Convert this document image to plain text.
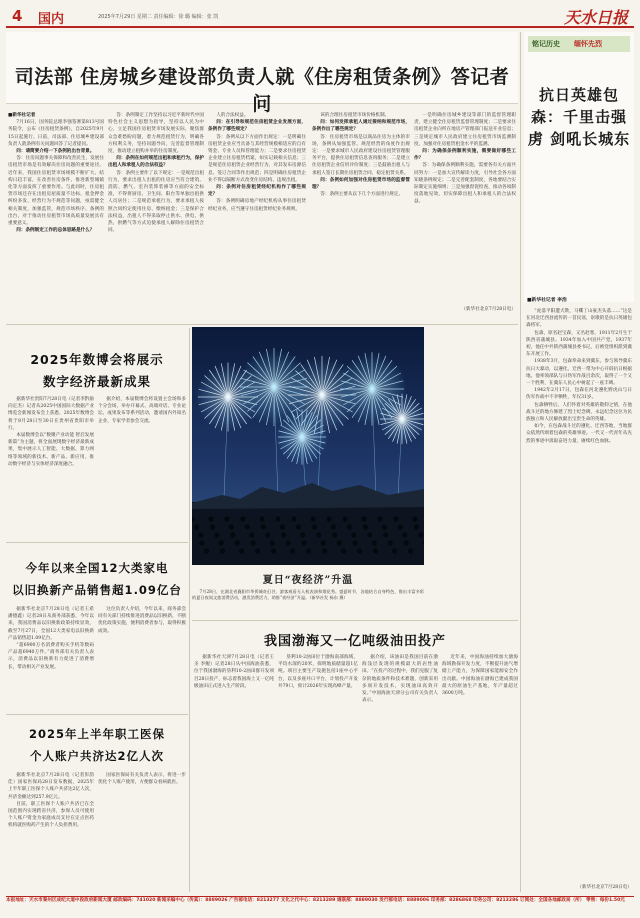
4 国内	2025年7月29日 星期二 责任编辑：徐 璐 编辑：张 凯	天水日报
司法部 住房城乡建设部负责人就《住房租赁条例》答记者问

■新华社记者

7月16日，国务院总理李强签署第813号国务院令，公布《住房租赁条例》，自2025年9月15日起施行。日前，司法部、住房城乡建设部负责人就条例有关问题回答了记者提问。

问：请简要介绍一下条例的出台背景。

答：住房问题事关保障和改善民生，发展住房租赁市场是有效解决住房问题的重要途径。近年来，我国住房租赁市场规模不断扩大、结构日趋丰富，在改善住房条件、推进新型城镇化等方面发挥了重要作用。与此同时，住房租赁市场还存在出租房屋质量不达标、租金押金纠纷多发、经营行为不规范等问题，亟需健全相关制度，加强监管，规范市场秩序。条例的出台，对于推动住房租赁市场高质量发展具有重要意义。

问：条例制定工作的总体思路是什么？

答：条例制定工作坚持以习近平新时代中国特色社会主义思想为指导，坚持以人民为中心，立足我国住房租赁市场发展实际，聚焦群众急难愁盼问题，着力规范租赁行为，明确各方权利义务，坚持问题导向，完善监督管理制度，推动建立租购并举的住房制度。

问：条例在如何规范出租和承租行为，保护出租人和承租人的合法权益？

答：条例主要作了以下规定：一是规范出租行为，要求出租人出租的住房应当符合建筑、消防、燃气、室内装饰装修等方面的安全标准，不得将厨房、卫生间、阳台等单独出租供人员居住；二是规范承租行为，要求承租人按照合同约定使用住房、缴纳租金；三是保护合法权益，出租人不得采取停止供水、供电、供热、供燃气等方式迫使承租人解除住房租赁合同。

人的合法权益。

问：在引导和规范住房租赁企业发展方面，条例作了哪些规定？

答：条例从以下方面作出规定：一是明确住房租赁企业应当具备与其经营规模相适应的自有资金、专业人员和管理能力；二是要求住房租赁企业建立住房租赁档案，如实记载相关信息；三是规范住房租赁企业经营行为，对其发布房源信息、签订合同等作出规范；四是明确住房租赁企业不得以隔断方式改变住房结构、违规出租。

问：条例对住房租赁经纪机构作了哪些规定？

答：条例明确房地产经纪机构从事住房租赁经纪业务，应当遵守住房租赁经纪业务规则。

该的合理住房租赁市场价格机制。

问：如何发挥承租人通过接纳和规范市场，条例作出了哪些规定？

答：住房租赁市场是以商品住房为主体的市场，条例从加强监管、规范经营的角度作出规定：一是要求城市人民政府建设住房租赁管理服务平台，提供住房租赁信息查询服务；二是建立住房租赁企业信用评价制度；三是鼓励出租人与承租人签订长期住房租赁合同，稳定租赁关系。

问：条例如何加强对住房租赁市场的监督管理？

答：条例主要从以下几个方面进行规定。

一是明确住房城乡建设等部门的监督管理职责，建立健全住房租赁监督管理制度；二是要求住房租赁企业向所在地房产管理部门报送开业信息；三是规定城市人民政府建立住房租赁市场监测制度，加强对住房租赁租金水平的监测。

问：为确保条例顺利实施，需要做好哪些工作？

答：为确保条例顺利实施，需要各有关方面共同努力：一是加大宣传解读力度，引导社会各方面知晓条例规定；二是完善配套制度，各地要结合实际制定实施细则；三是加强督促检查，推动各项制度落地见效，切实保障出租人和承租人的合法权益。

（新华社北京7月28日电）
2025年数博会将展示
数字经济最新成果

据新华社贵阳7月28日电（记者李黔渝 向定杰）记者从2025中国国际大数据产业博览会新闻发布会上获悉，2025年数博会将于8月28日至30日在贵州省贵阳市举行。

本届数博会以“数聚产业动能 智启发展新篇”为主题，将全面展现数字经济最新成果，集中展示人工智能、大数据、算力网络等领域的新技术、新产品、新应用，推动数字经济与实体经济深度融合。

据介绍，本届数博会将设置主会场和多个分会场，举办开幕式、高端对话、专业论坛、成果发布等系列活动，邀请国内外知名企业、专家学者参会交流。

今年以来全国12大类家电
以旧换新产品销售超1.09亿台

据新华社北京7月28日电（记者王希 潘德鑫）记者28日从商务部获悉，今年以来，我国消费品以旧换新政策持续显效，截至7月27日，全国12大类家电以旧换新产品销售超1.09亿台。

“超6900万名消费者购买手机等数码产品超6940万件。”商务部有关负责人表示，消费品以旧换新有力促进了消费增长，带动相关产业发展。

这位负责人介绍，今年以来，商务部会同有关部门持续推进消费品以旧换新，不断优化政策实施，便利消费者参与，取得积极成效。

2025年上半年职工医保
个人账户共济达2亿人次

据新华社北京7月28日电（记者彭韵佳）国家医保局28日发布数据，2025年上半年职工医保个人账户共济达2亿人次，共济金额达到257.9亿元。

目前，职工医保个人账户共济已在全国范围内实现跨省共济，参保人员可使用个人账户资金为家庭成员支付在定点医药机构就医购药产生的个人负担费用。

国家医保局有关负责人表示，将进一步优化个人账户使用，方便群众看病就医。

夏日“夜经济”升温
7月28日，在湖北省襄阳市华侨城奇幻谷，游客观看无人机表演和烟花秀。盛夏时节，各地结合自身特色，推出丰富多彩的夏日夜间文旅消费活动，激发消费活力，助推“夜经济”升温。（新华社发 杨东 摄）
我国渤海又一亿吨级油田投产

据新华社天津7月28日电（记者王圣 李鲲）记者28日从中国海油获悉，位于我国渤海的垦利10-2油田群开发项目28日投产，标志着我国海上又一亿吨级油田正式进入生产阶段。

垦利10-2油田位于渤海南部海域，平均水深约20米，探明地质储量超1亿吨。项目主要生产设施包括1座中心平台，以及多座井口平台，计划投产开发井79口，预计2026年实现高峰产量。

据介绍，该油田是我国目前在渤海浅层发现的规模最大的岩性油田。“在投产的过程中，我们克服了复杂的地质条件和技术难题，创新采用多项开发技术，实现油田高效开发。”中国海油天津分公司有关负责人表示。

近年来，中国海油持续加大渤海海域勘探开发力度，不断提升油气增储上产能力，为保障国家能源安全作出贡献。中国海油在渤海已建成我国最大的原油生产基地，年产量超过3600万吨。

铭记历史 缅怀先烈
抗日英雄包森：千里击强虏 剑吼长城东
■新华社记者 李浩

“虎落平阳遭犬欺，马嘶丁山豪杰头落……”这是在河北迁西县流传的一首民谣，讴歌的是抗日英雄包森将军。

包森，原名赵宝森，又名赵寒，1911年2月生于陕西省蒲城县。1934年加入中国共产党。1937年初，他任中共陕西蒲城县委书记，后被党组织派到冀东开展工作。

1938年3月，包森奉命来到冀东，参与领导冀东抗日大暴动，以遵化、迁西一带为中心开辟抗日根据地。他率领部队与日伪军作战百余次，取得了一个又一个胜利，在冀东人民心中树起了一座丰碑。

1942年2月17日，包森在河北遵化野虎山与日伪军作战中不幸牺牲，年仅31岁。

包森牺牲后，人们怀着对英雄的敬仰之情，在他战斗过的地方修建了烈士纪念碑，永远纪念这位为民族独立和人民解放献出宝贵生命的英雄。

如今，在包森战斗过的遵化、迁西等地，当地群众依然传颂着包森的英雄事迹。一代又一代青年从先烈的事迹中汲取奋进力量，赓续红色血脉。

（新华社北京7月28日电）
本报地址：天水市秦州区成纪大道中段政府新闻大厦 邮政编码：741020 新闻采编中心（传真）：8889026 广告部电话：8213277 文化之代中心：8213289 通联部：8889030 发行部电话：8889006 印务部：8286868 印务公司：8213286 订阅处：全国各地邮政局（所） 零售：每份1.50元
